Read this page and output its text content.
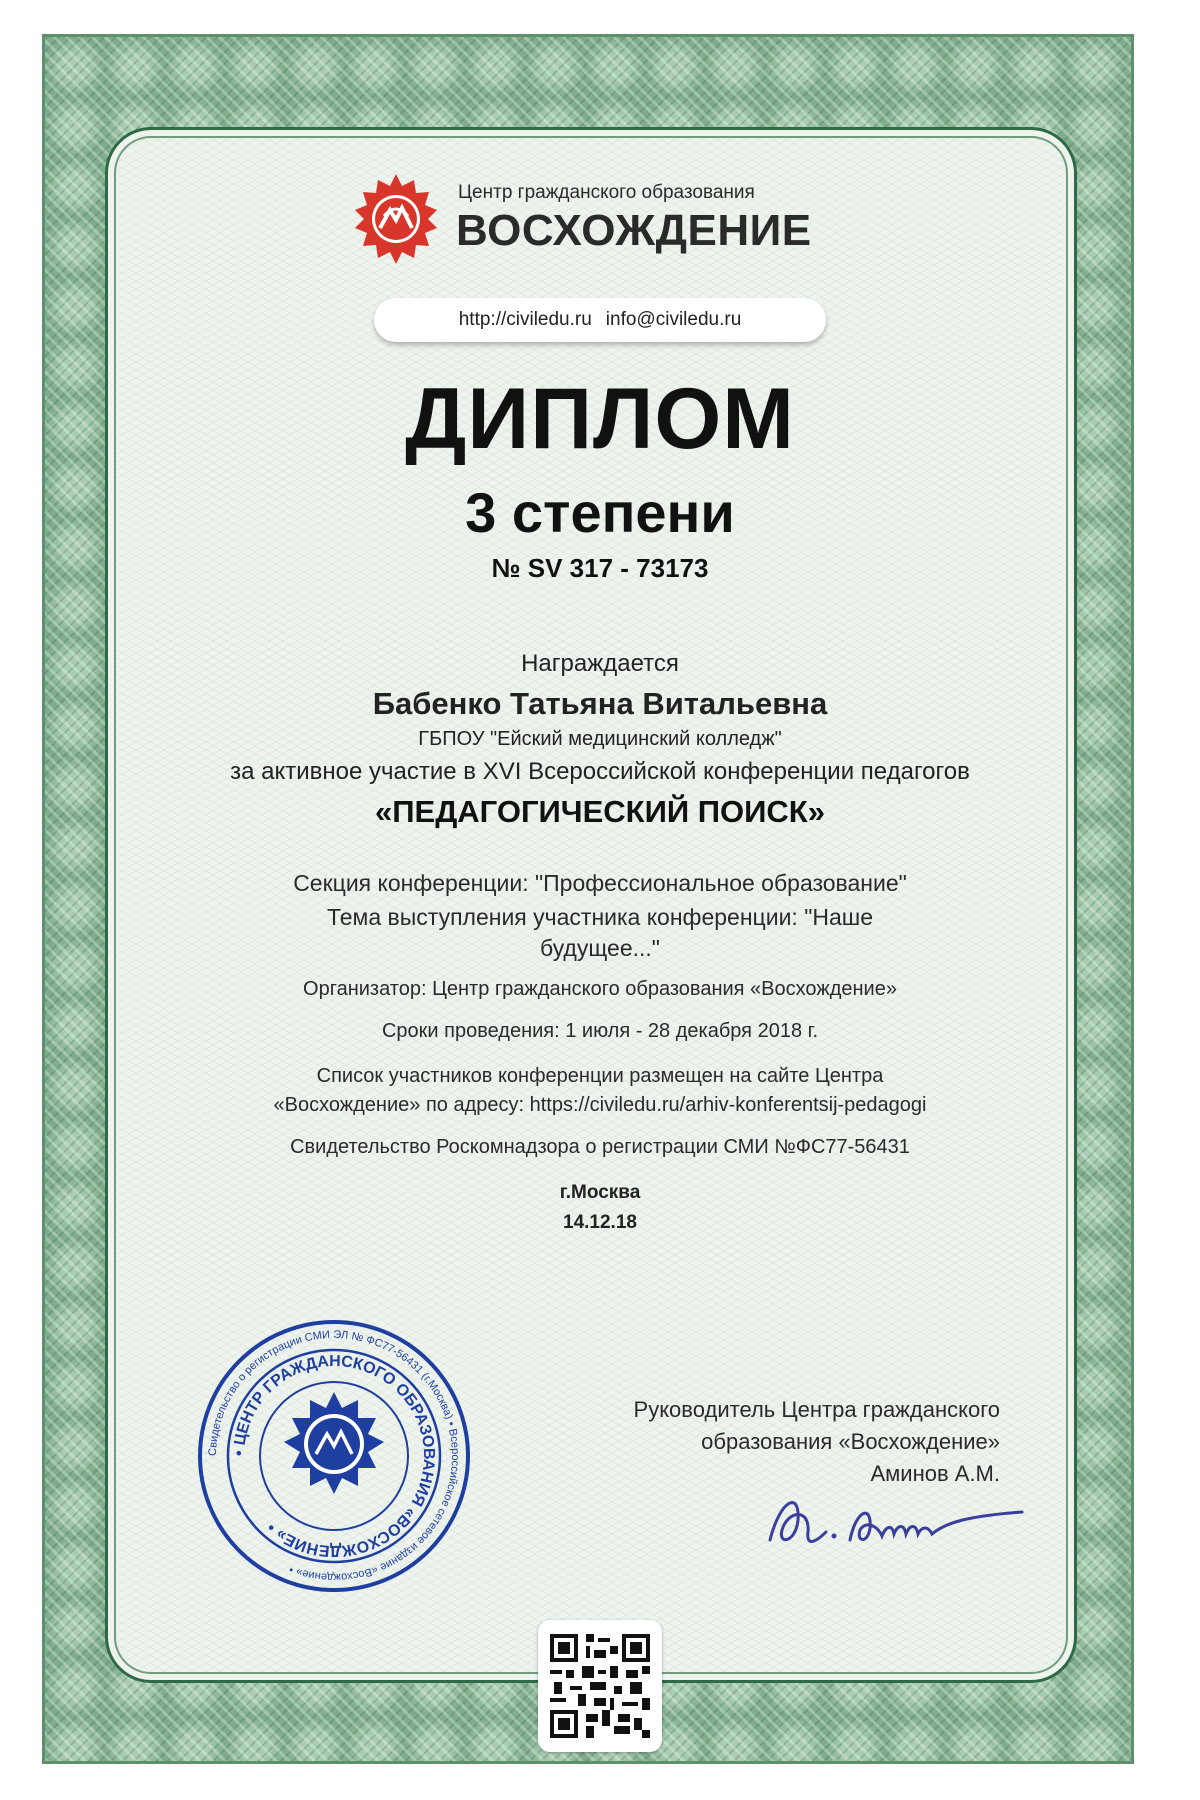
Центр гражданского образования
ВОСХОЖДЕНИЕ
http://civiledu.ru info@civiledu.ru
ДИПЛОМ
3 степени
№ SV 317 - 73173
Награждается
Бабенко Татьяна Витальевна
ГБПОУ "Ейский медицинский колледж"
за активное участие в XVI Всероссийской конференции педагогов
«ПЕДАГОГИЧЕСКИЙ ПОИСК»
Секция конференции: "Профессиональное образование"
Тема выступления участника конференции: "Наше
будущее..."
Организатор: Центр гражданского образования «Восхождение»
Сроки проведения: 1 июля - 28 декабря 2018 г.
Список участников конференции размещен на сайте Центра
«Восхождение» по адресу: https://civiledu.ru/arhiv-konferentsij-pedagogi
Свидетельство Роскомнадзора о регистрации СМИ №ФС77-56431
г.Москва
14.12.18
Свидетельство о регистрации СМИ ЭЛ № ФС77-56431 (г.Москва) • Всероссийское сетевое издание «Восхождение» •
• ЦЕНТР ГРАЖДАНСКОГО ОБРАЗОВАНИЯ «ВОСХОЖДЕНИЕ» •
Руководитель Центра гражданского
образования «Восхождение»
Аминов А.М.
